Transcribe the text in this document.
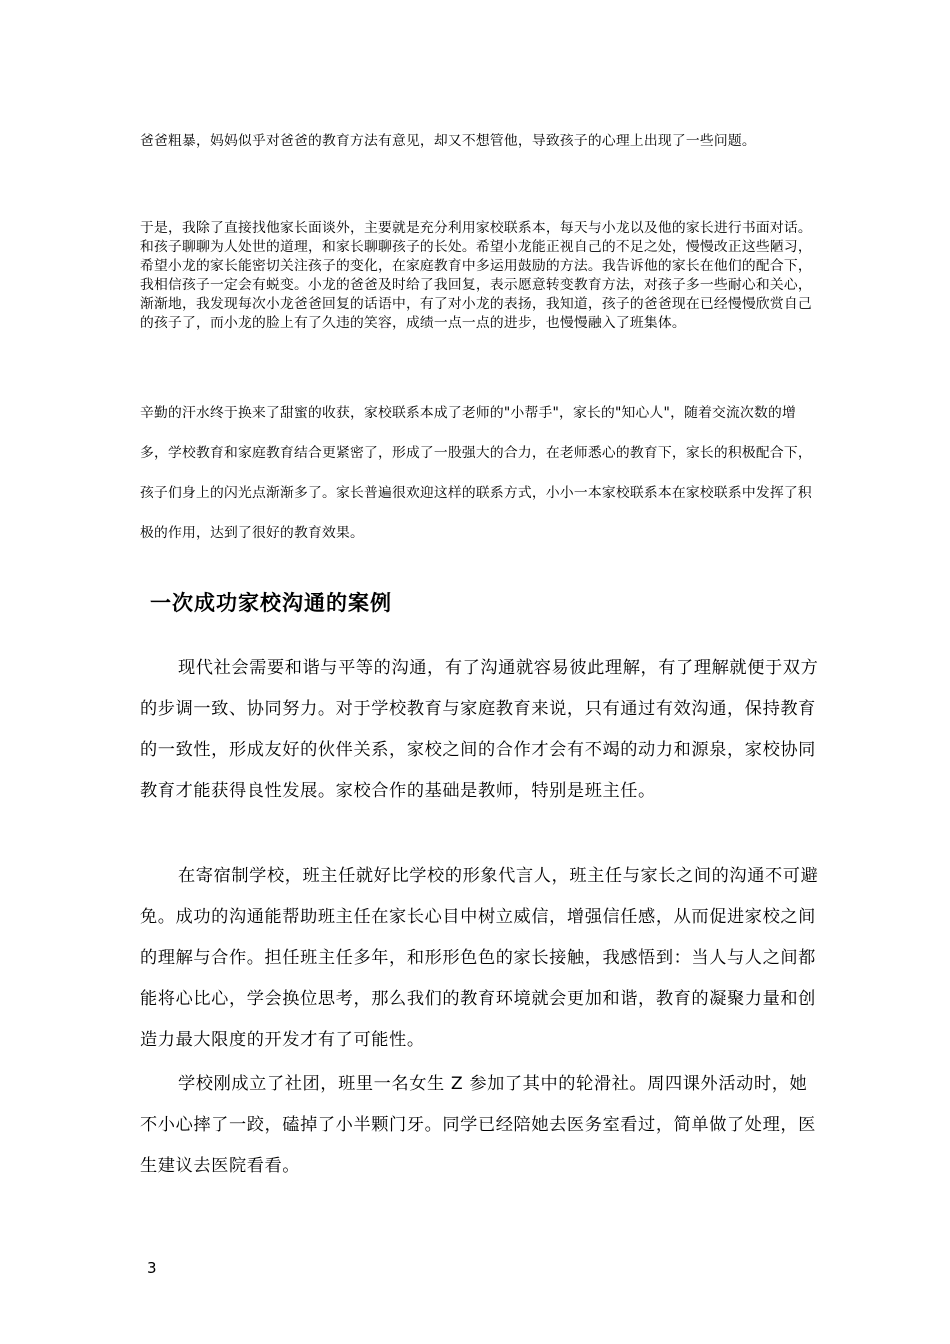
爸爸粗暴，妈妈似乎对爸爸的教育方法有意见，却又不想管他，导致孩子的心理上出现了一些问题。

于是，我除了直接找他家长面谈外，主要就是充分利用家校联系本，每天与小龙以及他的家长进行书面对话。和孩子聊聊为人处世的道理，和家长聊聊孩子的长处。希望小龙能正视自己的不足之处，慢慢改正这些陋习，希望小龙的家长能密切关注孩子的变化，在家庭教育中多运用鼓励的方法。我告诉他的家长在他们的配合下，我相信孩子一定会有蜕变。小龙的爸爸及时给了我回复，表示愿意转变教育方法，对孩子多一些耐心和关心，渐渐地，我发现每次小龙爸爸回复的话语中，有了对小龙的表扬，我知道，孩子的爸爸现在已经慢慢欣赏自己的孩子了，而小龙的脸上有了久违的笑容，成绩一点一点的进步，也慢慢融入了班集体。

辛勤的汗水终于换来了甜蜜的收获，家校联系本成了老师的"小帮手"，家长的"知心人"，随着交流次数的增多，学校教育和家庭教育结合更紧密了，形成了一股强大的合力，在老师悉心的教育下，家长的积极配合下，孩子们身上的闪光点渐渐多了。家长普遍很欢迎这样的联系方式，小小一本家校联系本在家校联系中发挥了积极的作用，达到了很好的教育效果。

一次成功家校沟通的案例

现代社会需要和谐与平等的沟通，有了沟通就容易彼此理解，有了理解就便于双方的步调一致、协同努力。对于学校教育与家庭教育来说，只有通过有效沟通，保持教育的一致性，形成友好的伙伴关系，家校之间的合作才会有不竭的动力和源泉，家校协同教育才能获得良性发展。家校合作的基础是教师，特别是班主任。

在寄宿制学校，班主任就好比学校的形象代言人，班主任与家长之间的沟通不可避免。成功的沟通能帮助班主任在家长心目中树立威信，增强信任感，从而促进家校之间的理解与合作。担任班主任多年，和形形色色的家长接触，我感悟到：当人与人之间都能将心比心，学会换位思考，那么我们的教育环境就会更加和谐，教育的凝聚力量和创造力最大限度的开发才有了可能性。

学校刚成立了社团，班里一名女生 Z 参加了其中的轮滑社。周四课外活动时，她不小心摔了一跤，磕掉了小半颗门牙。同学已经陪她去医务室看过，简单做了处理，医生建议去医院看看。

3
